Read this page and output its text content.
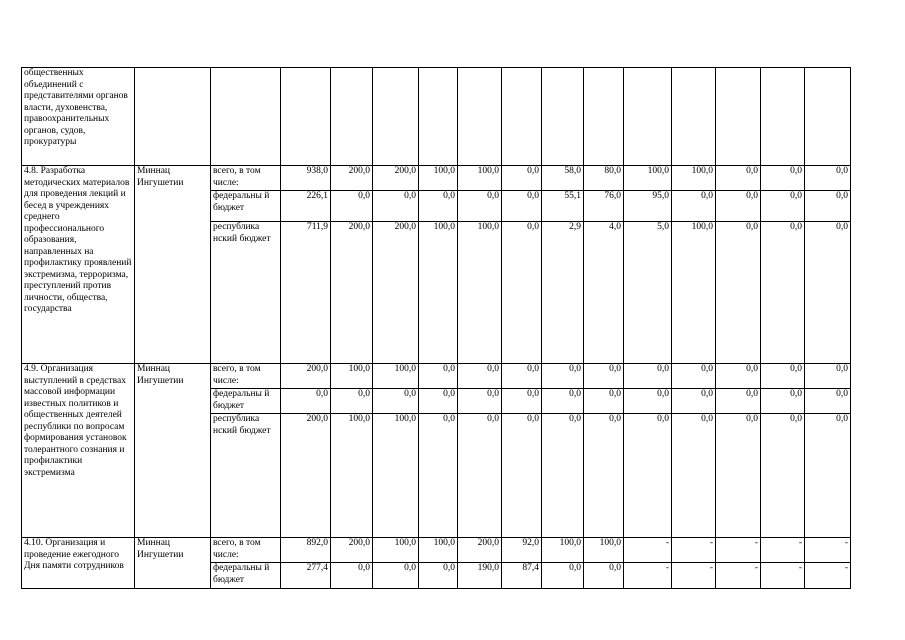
общественных объединений с представителями органов власти, духовенства, правоохранительных органов, судов, прокуратуры															
4.8. Разработка методических материалов для проведения лекций и бесед в учреждениях среднего профессионального образования, направленных на профилактику проявлений экстремизма, терроризма, преступлений против личности, общества, государства	Миннац Ингушетии	всего, в том числе:	938,0	200,0	200,0	100,0	100,0	0,0	58,0	80,0	100,0	100,0	0,0	0,0	0,0
		федеральны й бюджет	226,1	0,0	0,0	0,0	0,0	0,0	55,1	76,0	95,0	0,0	0,0	0,0	0,0
		республика нский бюджет	711,9	200,0	200,0	100,0	100,0	0,0	2,9	4,0	5,0	100,0	0,0	0,0	0,0
4.9. Организация выступлений в средствах массовой информации известных политиков и общественных деятелей республики по вопросам формирования установок толерантного сознания и профилактики экстремизма	Миннац Ингушетии	всего, в том числе:	200,0	100,0	100,0	0,0	0,0	0,0	0,0	0,0	0,0	0,0	0,0	0,0	0,0
		федеральны й бюджет	0,0	0,0	0,0	0,0	0,0	0,0	0,0	0,0	0,0	0,0	0,0	0,0	0,0
		республика нский бюджет	200,0	100,0	100,0	0,0	0,0	0,0	0,0	0,0	0,0	0,0	0,0	0,0	0,0
4.10. Организация и проведение ежегодного Дня памяти сотрудников	Миннац Ингушетии	всего, в том числе:	892,0	200,0	100,0	100,0	200,0	92,0	100,0	100,0	-	-	-	-	-
		федеральны й бюджет	277,4	0,0	0,0	0,0	190,0	87,4	0,0	0,0	-	-	-	-	-
